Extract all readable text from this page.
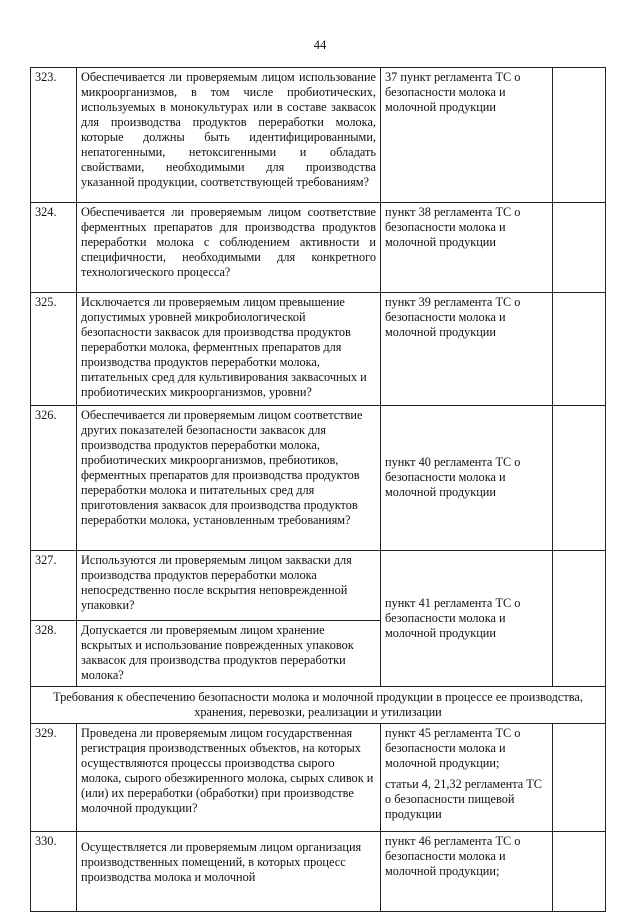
44
323.	Обеспечивается ли проверяемым лицом использование микроорганизмов, в том числе пробиотических, используемых в монокультурах или в составе заквасок для производства продуктов переработки молока, которые должны быть идентифицированными, непатогенными, нетоксигенными и обладать свойствами, необходимыми для производства указанной продукции, соответствующей требованиям?	37 пункт регламента ТС о безопасности молока и молочной продукции	
324.	Обеспечивается ли проверяемым лицом соответствие ферментных препаратов для производства продуктов переработки молока с соблюдением активности и специфичности, необходимыми для конкретного технологического процесса?	пункт 38 регламента ТС о безопасности молока и молочной продукции	
325.	Исключается ли проверяемым лицом превышение допустимых уровней микробиологической безопасности заквасок для производства продуктов переработки молока, ферментных препаратов для производства продуктов переработки молока, питательных сред для культивирования заквасочных и пробиотических микроорганизмов, уровни?	пункт 39 регламента ТС о безопасности молока и молочной продукции	
326.	Обеспечивается ли проверяемым лицом соответствие других показателей безопасности заквасок для производства продуктов переработки молока, пробиотических микроорганизмов, пребиотиков, ферментных препаратов для производства продуктов переработки молока и питательных сред для приготовления заквасок для производства продуктов переработки молока, установленным требованиям?	пункт 40 регламента ТС о безопасности молока и молочной продукции	
327.	Используются ли проверяемым лицом закваски для производства продуктов переработки молока непосредственно после вскрытия неповрежденной упаковки?	пункт 41 регламента ТС о безопасности молока и молочной продукции	
328.	Допускается ли проверяемым лицом хранение вскрытых и использование поврежденных упаковок заквасок для производства продуктов переработки молока?		
Требования к обеспечению безопасности молока и молочной продукции в процессе ее производства, хранения, перевозки, реализации и утилизации			
329.	Проведена ли проверяемым лицом государственная регистрация производственных объектов, на которых осуществляются процессы производства сырого молока, сырого обезжиренного молока, сырых сливок и (или) их переработки (обработки) при производстве молочной продукции?	пункт 45 регламента ТС о безопасности молока и молочной продукции;
статьи 4, 21,32 регламента ТС о безопасности пищевой продукции	
330.	Осуществляется ли проверяемым лицом организация производственных помещений, в которых процесс производства молока и молочной	пункт 46 регламента ТС о безопасности молока и молочной продукции;	
